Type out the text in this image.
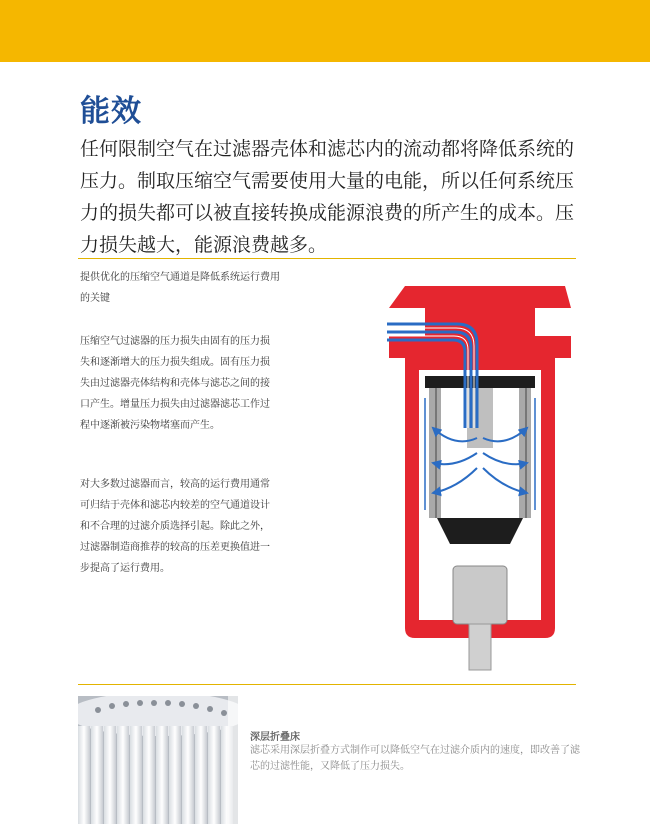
能效

任何限制空气在过滤器壳体和滤芯内的流动都将降低系统的压力。制取压缩空气需要使用大量的电能，所以任何系统压力的损失都可以被直接转换成能源浪费的所产生的成本。压力损失越大，能源浪费越多。

提供优化的压缩空气通道是降低系统运行费用的关键

压缩空气过滤器的压力损失由固有的压力损失和逐渐增大的压力损失组成。固有压力损失由过滤器壳体结构和壳体与滤芯之间的接口产生。增量压力损失由过滤器滤芯工作过程中逐渐被污染物堵塞而产生。

对大多数过滤器而言，较高的运行费用通常可归结于壳体和滤芯内较差的空气通道设计和不合理的过滤介质选择引起。除此之外，过滤器制造商推荐的较高的压差更换值进一步提高了运行费用。

深层折叠床

滤芯采用深层折叠方式制作可以降低空气在过滤介质内的速度，即改善了滤芯的过滤性能，又降低了压力损失。
